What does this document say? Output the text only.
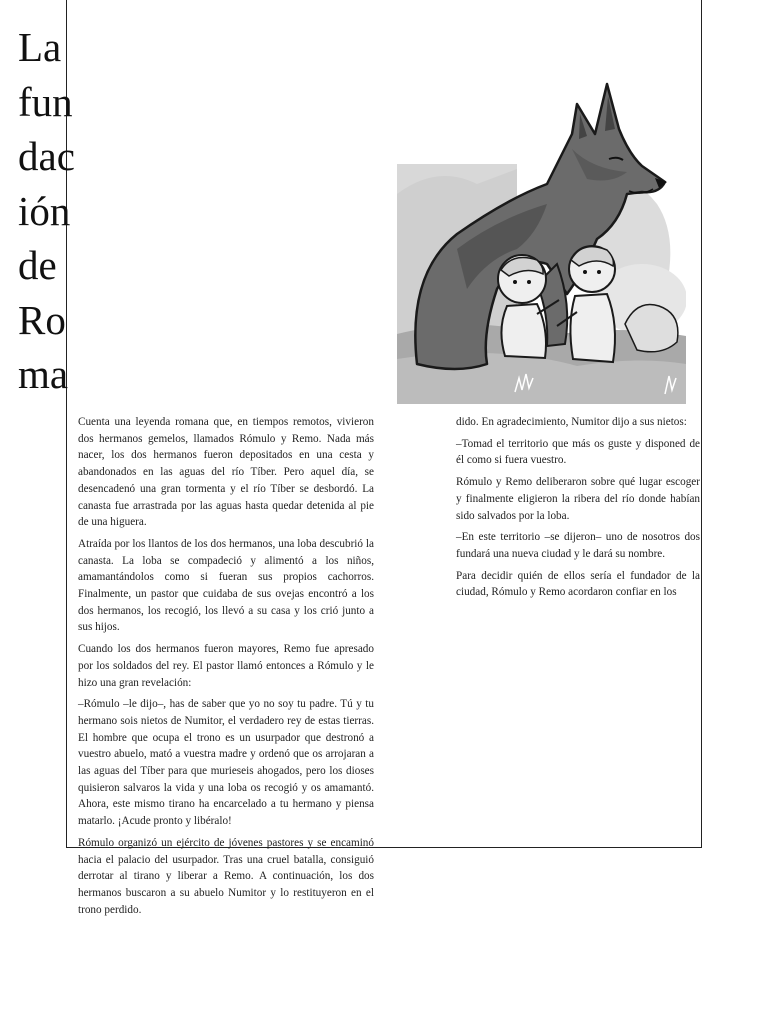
La
fun
dac
ión
de
Ro
ma

Cuenta una leyenda romana que, en tiempos remotos, vivieron dos hermanos gemelos, llamados Rómulo y Remo. Nada más nacer, los dos hermanos fueron depositados en una cesta y abandonados en las aguas del río Tíber. Pero aquel día, se desencadenó una gran tormenta y el río Tíber se desbordó. La canasta fue arrastrada por las aguas hasta quedar detenida al pie de una higuera.

Atraída por los llantos de los dos hermanos, una loba descubrió la canasta. La loba se compadeció y alimentó a los niños, amamantándolos como si fueran sus propios cachorros. Finalmente, un pastor que cuidaba de sus ovejas encontró a los dos hermanos, los recogió, los llevó a su casa y los crió junto a sus hijos.

Cuando los dos hermanos fueron mayores, Remo fue apresado por los soldados del rey. El pastor llamó entonces a Rómulo y le hizo una gran revelación:

–Rómulo –le dijo–, has de saber que yo no soy tu padre. Tú y tu hermano sois nietos de Numitor, el verdadero rey de estas tierras. El hombre que ocupa el trono es un usurpador que destronó a vuestro abuelo, mató a vuestra madre y ordenó que os arrojaran a las aguas del Tíber para que murieseis ahogados, pero los dioses quisieron salvaros la vida y una loba os recogió y os amamantó. Ahora, este mismo tirano ha encarcelado a tu hermano y piensa matarlo. ¡Acude pronto y libéralo!

Rómulo organizó un ejército de jóvenes pastores y se encaminó hacia el palacio del usurpador. Tras una cruel batalla, consiguió derrotar al tirano y liberar a Remo. A continuación, los dos hermanos buscaron a su abuelo Numitor y lo restituyeron en el trono perdido.

dido. En agradecimiento, Numitor dijo a sus nietos:

–Tomad el territorio que más os guste y disponed de él como si fuera vuestro.

Rómulo y Remo deliberaron sobre qué lugar escoger y finalmente eligieron la ribera del río donde habían sido salvados por la loba.

–En este territorio –se dijeron– uno de nosotros dos fundará una nueva ciudad y le dará su nombre.

Para decidir quién de ellos sería el fundador de la ciudad, Rómulo y Remo acordaron confiar en los
